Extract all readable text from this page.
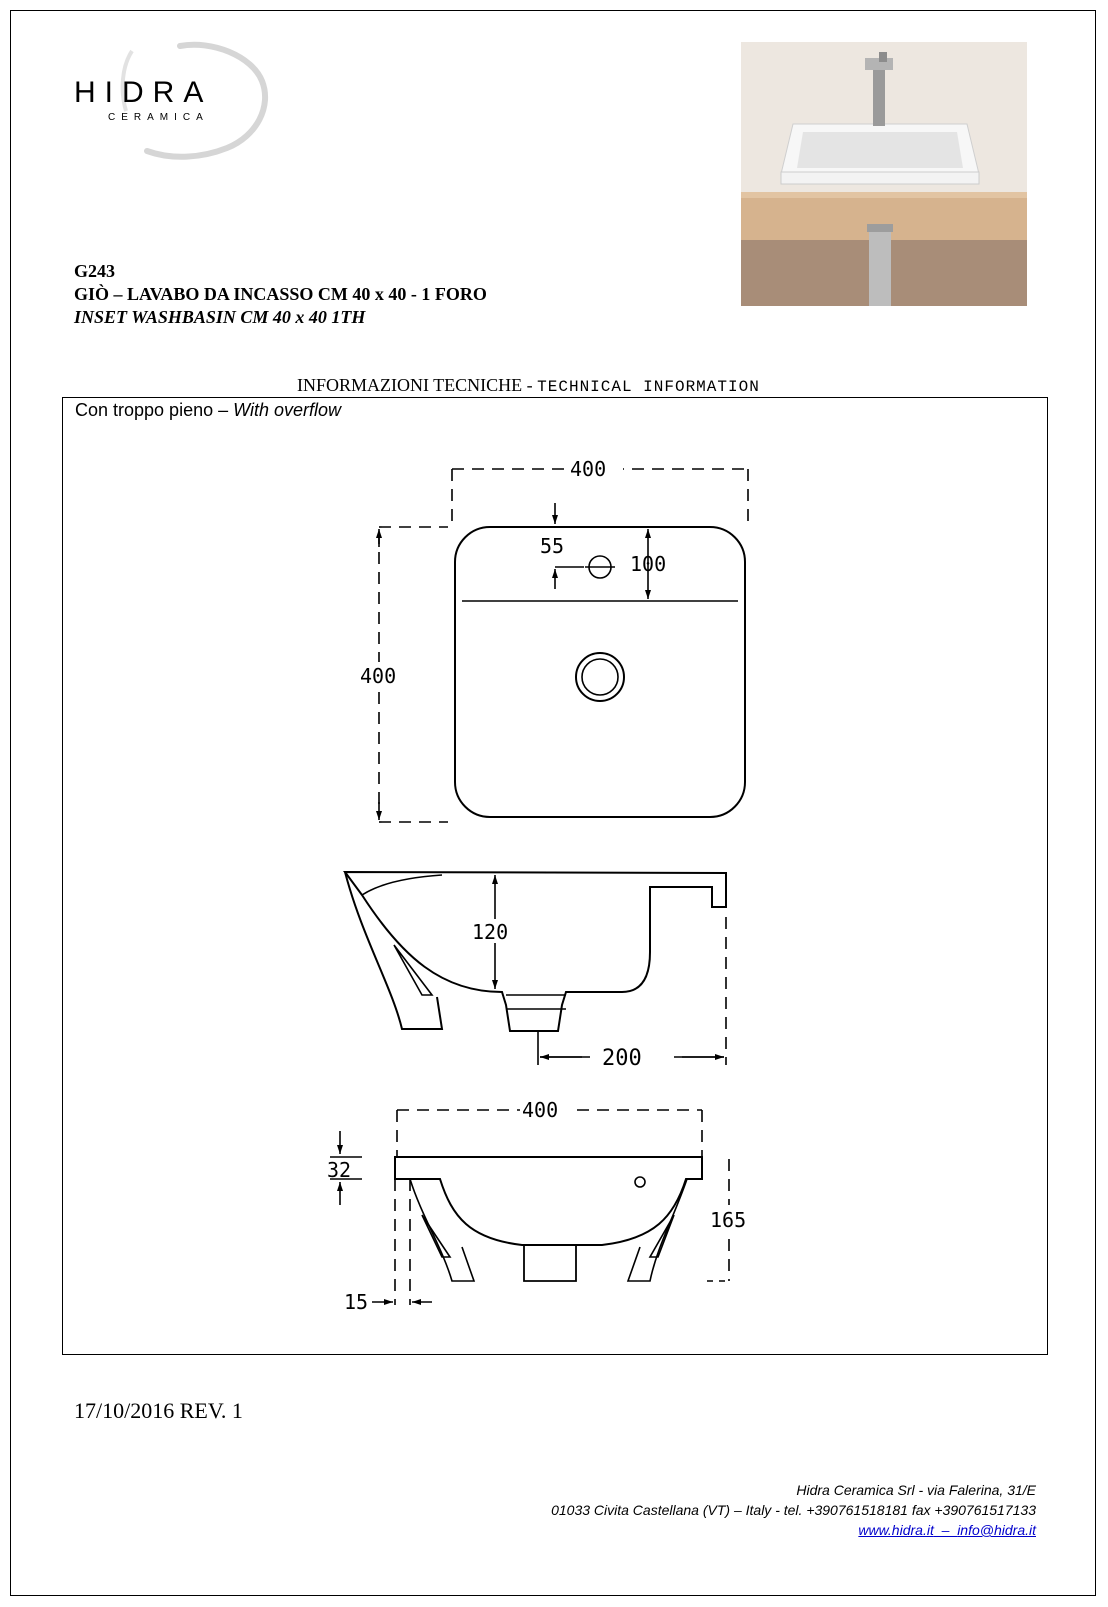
HIDRA
CERAMICA
G243
GIÒ – LAVABO DA INCASSO CM 40 x 40 - 1 FORO
INSET WASHBASIN CM 40 x 40 1TH
INFORMAZIONI TECNICHE - TECHNICAL INFORMATION
Con troppo pieno – With overflow
400
400
55
100
120
200
400
32
165
15
17/10/2016 REV. 1
Hidra Ceramica Srl - via Falerina, 31/E
01033 Civita Castellana (VT) – Italy - tel. +390761518181 fax +390761517133
www.hidra.it  –  info@hidra.it
